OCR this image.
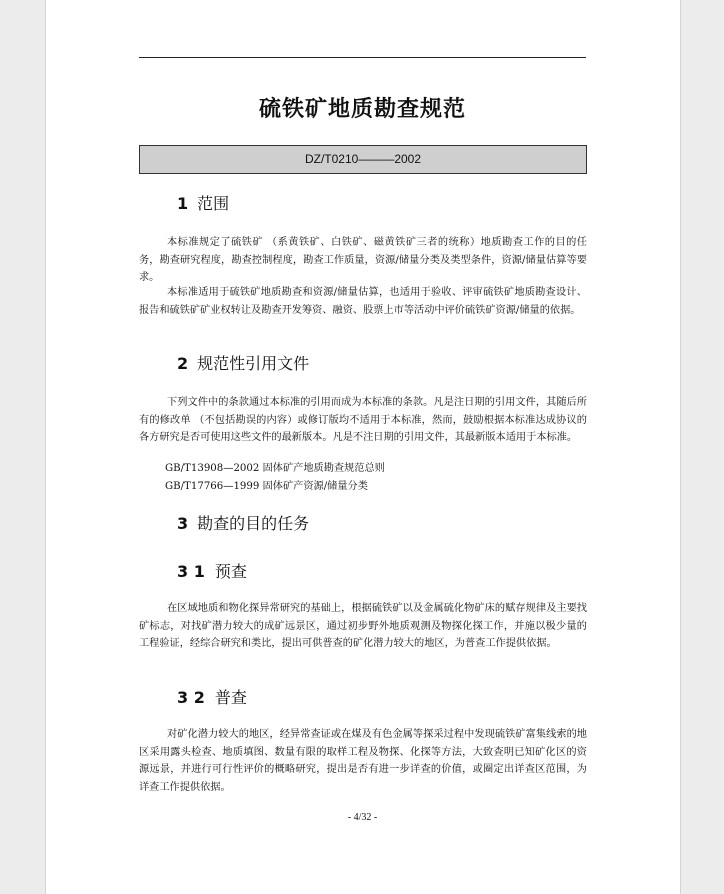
硫铁矿地质勘查规范
DZ/T0210———2002
1 范围

本标准规定了硫铁矿 （系黄铁矿、白铁矿、磁黄铁矿三者的统称）地质勘查工作的目的任务，勘查研究程度，勘查控制程度，勘查工作质量，资源/储量分类及类型条件，资源/储量估算等要求。

本标准适用于硫铁矿地质勘查和资源/储量估算，也适用于验收、评审硫铁矿地质勘查设计、报告和硫铁矿矿业权转让及勘查开发筹资、融资、股票上市等活动中评价硫铁矿资源/储量的依据。

2 规范性引用文件

下列文件中的条款通过本标准的引用而成为本标准的条款。凡是注日期的引用文件，其随后所有的修改单 （不包括勘误的内容）或修订版均不适用于本标准，然而，鼓励根据本标准达成协议的各方研究是否可使用这些文件的最新版本。凡是不注日期的引用文件，其最新版本适用于本标准。

GB/T13908—2002 固体矿产地质勘查规范总则
GB/T17766—1999 固体矿产资源/储量分类
3 勘查的目的任务
3 1 预查

在区域地质和物化探异常研究的基础上，根据硫铁矿以及金属硫化物矿床的赋存规律及主要找矿标志，对找矿潜力较大的成矿远景区，通过初步野外地质观测及物探化探工作，并施以极少量的工程验证，经综合研究和类比，提出可供普查的矿化潜力较大的地区，为普查工作提供依据。

3 2 普查

对矿化潜力较大的地区，经异常查证或在煤及有色金属等探采过程中发现硫铁矿富集线索的地区采用露头检查、地质填图、数量有限的取样工程及物探、化探等方法，大致查明已知矿化区的资源远景，并进行可行性评价的概略研究，提出是否有进一步详查的价值，或圈定出详查区范围，为详查工作提供依据。

- 4/32 -
